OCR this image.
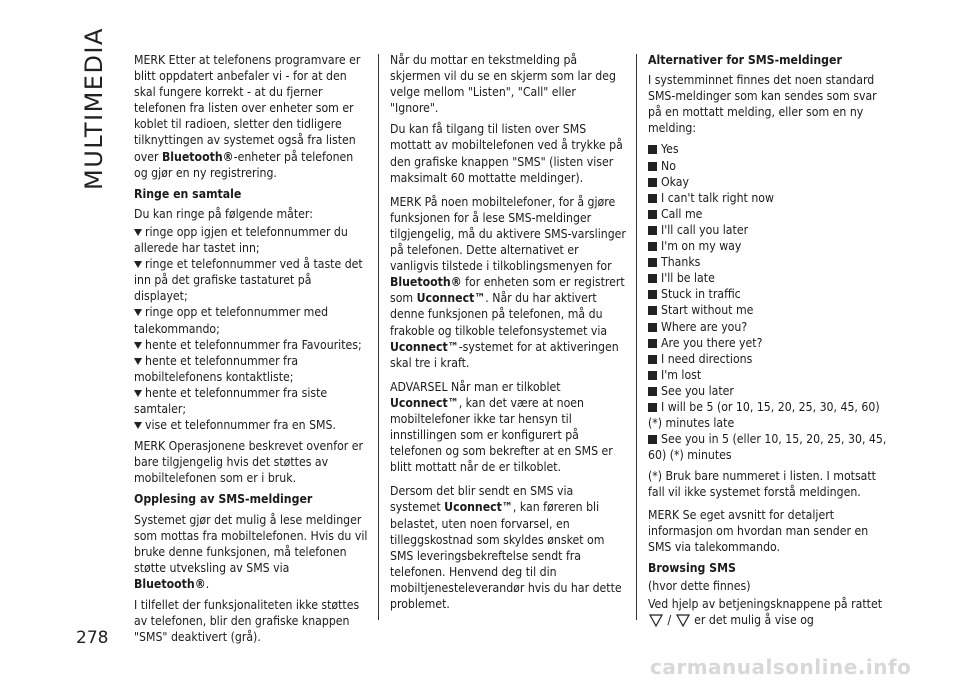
MULTIMEDIA
278

MERK Etter at telefonens programvare er blitt oppdatert anbefaler vi - for at den skal fungere korrekt - at du fjerner telefonen fra listen over enheter som er koblet til radioen, sletter den tidligere tilknyttingen av systemet også fra listen over Bluetooth®-enheter på telefonen og gjør en ny registrering.

Ringe en samtale

Du kan ringe på følgende måter:

ringe opp igjen et telefonnummer du allerede har tastet inn;
ringe et telefonnummer ved å taste det inn på det grafiske tastaturet på displayet;
ringe opp et telefonnummer med talekommando;
hente et telefonnummer fra Favourites;
hente et telefonnummer fra mobiltelefonens kontaktliste;
hente et telefonnummer fra siste samtaler;
vise et telefonnummer fra en SMS.

MERK Operasjonene beskrevet ovenfor er bare tilgjengelig hvis det støttes av mobiltelefonen som er i bruk.

Opplesing av SMS-meldinger

Systemet gjør det mulig å lese meldinger som mottas fra mobiltelefonen. Hvis du vil bruke denne funksjonen, må telefonen støtte utveksling av SMS via Bluetooth®.

I tilfellet der funksjonaliteten ikke støttes av telefonen, blir den grafiske knappen "SMS" deaktivert (grå).

Når du mottar en tekstmelding på skjermen vil du se en skjerm som lar deg velge mellom "Listen", "Call" eller "Ignore".

Du kan få tilgang til listen over SMS mottatt av mobiltelefonen ved å trykke på den grafiske knappen "SMS" (listen viser maksimalt 60 mottatte meldinger).

MERK På noen mobiltelefoner, for å gjøre funksjonen for å lese SMS-meldinger tilgjengelig, må du aktivere SMS-varslinger på telefonen. Dette alternativet er vanligvis tilstede i tilkoblingsmenyen for Bluetooth® for enheten som er registrert som Uconnect™. Når du har aktivert denne funksjonen på telefonen, må du frakoble og tilkoble telefonsystemet via Uconnect™-systemet for at aktiveringen skal tre i kraft.

ADVARSEL Når man er tilkoblet Uconnect™, kan det være at noen mobiltelefoner ikke tar hensyn til innstillingen som er konfigurert på telefonen og som bekrefter at en SMS er blitt mottatt når de er tilkoblet.

Dersom det blir sendt en SMS via systemet Uconnect™, kan føreren bli belastet, uten noen forvarsel, en tilleggskostnad som skyldes ønsket om SMS leveringsbekreftelse sendt fra telefonen. Henvend deg til din mobiltjenesteleverandør hvis du har dette problemet.

Alternativer for SMS-meldinger

I systemminnet finnes det noen standard SMS-meldinger som kan sendes som svar på en mottatt melding, eller som en ny melding:

Yes
No
Okay
I can't talk right now
Call me
I'll call you later
I'm on my way
Thanks
I'll be late
Stuck in traffic
Start without me
Where are you?
Are you there yet?
I need directions
I'm lost
See you later
I will be 5 (or 10, 15, 20, 25, 30, 45, 60) (*) minutes late
See you in 5 (eller 10, 15, 20, 25, 30, 45, 60) (*) minutes

(*) Bruk bare nummeret i listen. I motsatt fall vil ikke systemet forstå meldingen.

MERK Se eget avsnitt for detaljert informasjon om hvordan man sender en SMS via talekommando.

Browsing SMS

(hvor dette finnes)

Ved hjelp av betjeningsknappene på rattet  / er det mulig å vise og

carmanualsonline.info
